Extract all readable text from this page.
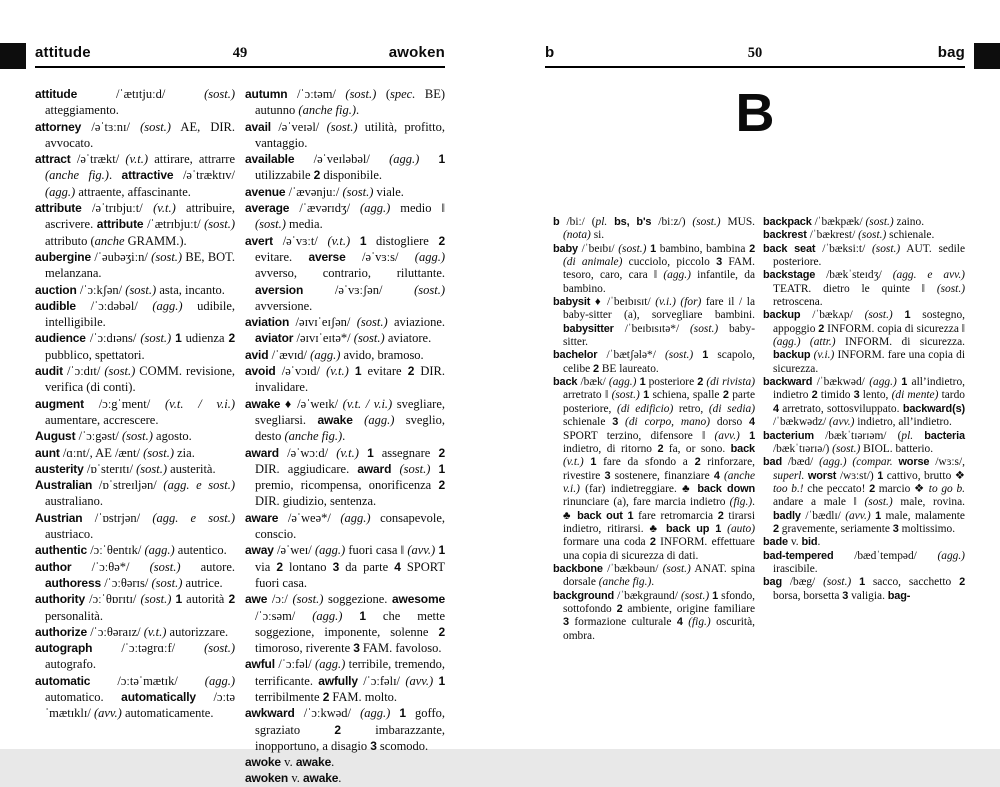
attitude	49	awoken

attitude /ˈætɪtjuːd/ (sost.) atteggiamento.

attorney /əˈtɜːnɪ/ (sost.) AE, DIR. avvocato.

attract /əˈtrækt/ (v.t.) attirare, attrarre (anche fig.). attractive /əˈtræktɪv/ (agg.) attraente, affascinante.

attribute /əˈtrɪbjuːt/ (v.t.) attribuire, ascrivere. attribute /ˈætrɪbjuːt/ (sost.) attributo (anche GRAMM.).

aubergine /ˈəubəʒiːn/ (sost.) BE, BOT. melanzana.

auction /ˈɔːkʃən/ (sost.) asta, incanto.

audible /ˈɔːdəbəl/ (agg.) udibile, intelligibile.

audience /ˈɔːdɪəns/ (sost.) 1 udienza 2 pubblico, spettatori.

audit /ˈɔːdɪt/ (sost.) COMM. revisione, verifica (di conti).

augment /ɔːgˈment/ (v.t. / v.i.) aumentare, accrescere.

August /ˈɔːgəst/ (sost.) agosto.

aunt /ɑːnt/, AE /ænt/ (sost.) zia.

austerity /ɒˈsterɪtɪ/ (sost.) austerità.

Australian /ɒˈstreɪljən/ (agg. e sost.) australiano.

Austrian /ˈɒstrjən/ (agg. e sost.) austriaco.

authentic /ɔːˈθentɪk/ (agg.) autentico.

author /ˈɔːθə*/ (sost.) autore. authoress /ˈɔːθərɪs/ (sost.) autrice.

authority /ɔːˈθɒrɪtɪ/ (sost.) 1 autorità 2 personalità.

authorize /ˈɔːθəraɪz/ (v.t.) autorizzare.

autograph /ˈɔːtəgrɑːf/ (sost.) autografo.

automatic /ɔːtəˈmætɪk/ (agg.) automatico. automatically /ɔːtəˈmætɪklɪ/ (avv.) automaticamente.

autumn /ˈɔːtəm/ (sost.) (spec. BE) autunno (anche fig.).

avail /əˈveɪəl/ (sost.) utilità, profitto, vantaggio.

available /əˈveɪləbəl/ (agg.) 1 utilizzabile 2 disponibile.

avenue /ˈævənjuː/ (sost.) viale.

average /ˈævərɪdʒ/ (agg.) medio ‖ (sost.) media.

avert /əˈvɜːt/ (v.t.) 1 distogliere 2 evitare. averse /əˈvɜːs/ (agg.) avverso, contrario, riluttante. aversion /əˈvɜːʃən/ (sost.) avversione.

aviation /əɪvɪˈeɪʃən/ (sost.) aviazione. aviator /əɪvɪˈeɪtə*/ (sost.) aviatore.

avid /ˈævɪd/ (agg.) avido, bramoso.

avoid /əˈvɔɪd/ (v.t.) 1 evitare 2 DIR. invalidare.

awake ♦ /əˈweɪk/ (v.t. / v.i.) svegliare, svegliarsi. awake (agg.) sveglio, desto (anche fig.).

award /əˈwɔːd/ (v.t.) 1 assegnare 2 DIR. aggiudicare. award (sost.) 1 premio, ricompensa, onorificenza 2 DIR. giudizio, sentenza.

aware /əˈweə*/ (agg.) consapevole, conscio.

away /əˈweɪ/ (agg.) fuori casa ‖ (avv.) 1 via 2 lontano 3 da parte 4 SPORT fuori casa.

awe /ɔː/ (sost.) soggezione. awesome /ˈɔːsəm/ (agg.) 1 che mette soggezione, imponente, solenne 2 timoroso, riverente 3 FAM. favoloso.

awful /ˈɔːfəl/ (agg.) terribile, tremendo, terrificante. awfully /ˈɔːfəlɪ/ (avv.) 1 terribilmente 2 FAM. molto.

awkward /ˈɔːkwəd/ (agg.) 1 goffo, sgraziato 2 imbarazzante, inopportuno, a disagio 3 scomodo.

awoke v. awake.

awoken v. awake.

b	50	bag
B

b /biː/ (pl. bs, b's /biːz/) (sost.) MUS. (nota) si.

baby /ˈbeɪbɪ/ (sost.) 1 bambino, bambina 2 (di animale) cucciolo, piccolo 3 FAM. tesoro, caro, cara ‖ (agg.) infantile, da bambino.

babysit ♦ /ˈbeɪbɪsɪt/ (v.i.) (for) fare il / la baby-sitter (a), sorvegliare bambini. babysitter /ˈbeɪbɪsɪtə*/ (sost.) baby-sitter.

bachelor /ˈbætʃələ*/ (sost.) 1 scapolo, celibe 2 BE laureato.

back /bæk/ (agg.) 1 posteriore 2 (di rivista) arretrato ‖ (sost.) 1 schiena, spalle 2 parte posteriore, (di edificio) retro, (di sedia) schienale 3 (di corpo, mano) dorso 4 SPORT terzino, difensore ‖ (avv.) 1 indietro, di ritorno 2 fa, or sono. back (v.t.) 1 fare da sfondo a 2 rinforzare, rivestire 3 sostenere, finanziare 4 (anche v.i.) (far) indietreggiare. ♣ back down rinunciare (a), fare marcia indietro (fig.). ♣ back out 1 fare retromarcia 2 tirarsi indietro, ritirarsi. ♣ back up 1 (auto) formare una coda 2 INFORM. effettuare una copia di sicurezza di dati.

backbone /ˈbækbəun/ (sost.) ANAT. spina dorsale (anche fig.).

background /ˈbækgraund/ (sost.) 1 sfondo, sottofondo 2 ambiente, origine familiare 3 formazione culturale 4 (fig.) oscurità, ombra.

backpack /ˈbækpæk/ (sost.) zaino.

backrest /ˈbækrest/ (sost.) schienale.

back seat /ˈbæksiːt/ (sost.) AUT. sedile posteriore.

backstage /bækˈsteɪdʒ/ (agg. e avv.) TEATR. dietro le quinte ‖ (sost.) retroscena.

backup /ˈbækʌp/ (sost.) 1 sostegno, appoggio 2 INFORM. copia di sicurezza ‖ (agg.) (attr.) INFORM. di sicurezza. backup (v.i.) INFORM. fare una copia di sicurezza.

backward /ˈbækwəd/ (agg.) 1 all’indietro, indietro 2 timido 3 lento, (di mente) tardo 4 arretrato, sottosviluppato. backward(s) /ˈbækwədz/ (avv.) indietro, all’indietro.

bacterium /bækˈtɪərɪəm/ (pl. bacteria /bækˈtɪərɪə/) (sost.) BIOL. batterio.

bad /bæd/ (agg.) (compar. worse /wɜːs/, superl. worst /wɜːst/) 1 cattivo, brutto ❖ too b.! che peccato! 2 marcio ❖ to go b. andare a male ‖ (sost.) male, rovina. badly /ˈbædlɪ/ (avv.) 1 male, malamente 2 gravemente, seriamente 3 moltissimo.

bade v. bid.

bad-tempered /bædˈtempəd/ (agg.) irascibile.

bag /bæg/ (sost.) 1 sacco, sacchetto 2 borsa, borsetta 3 valigia. bag-
